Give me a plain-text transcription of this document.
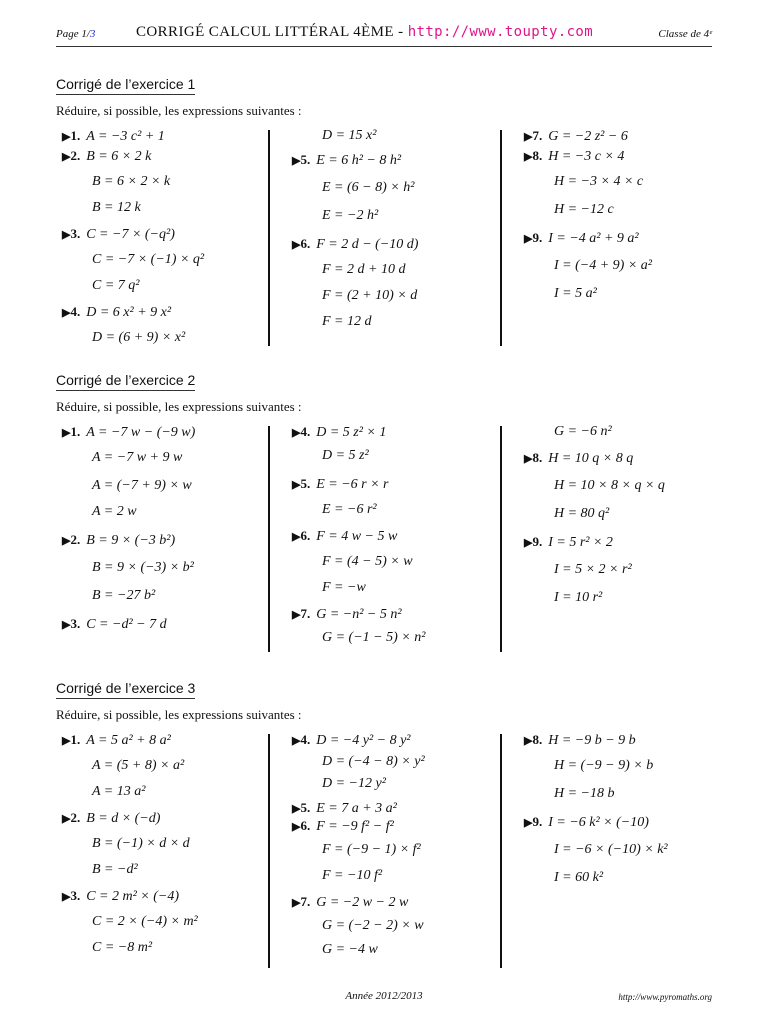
Page 1/3	CORRIGÉ CALCUL LITTÉRAL 4ÈME - http://www.toupty.com	Classe de 4ᵉ
Corrigé de l’exercice 1
Réduire, si possible, les expressions suivantes :
▶1. A = −3 c² + 1
▶2. B = 6 × 2 k
B = 6 × 2 × k
B = 12 k
▶3. C = −7 × (−q²)
C = −7 × (−1) × q²
C = 7 q²
▶4. D = 6 x² + 9 x²
D = (6 + 9) × x²
D = 15 x²
▶5. E = 6 h² − 8 h²
E = (6 − 8) × h²
E = −2 h²
▶6. F = 2 d − (−10 d)
F = 2 d + 10 d
F = (2 + 10) × d
F = 12 d
▶7. G = −2 z² − 6
▶8. H = −3 c × 4
H = −3 × 4 × c
H = −12 c
▶9. I = −4 a² + 9 a²
I = (−4 + 9) × a²
I = 5 a²
Corrigé de l’exercice 2
Réduire, si possible, les expressions suivantes :
▶1. A = −7 w − (−9 w)
A = −7 w + 9 w
A = (−7 + 9) × w
A = 2 w
▶2. B = 9 × (−3 b²)
B = 9 × (−3) × b²
B = −27 b²
▶3. C = −d² − 7 d
▶4. D = 5 z² × 1
D = 5 z²
▶5. E = −6 r × r
E = −6 r²
▶6. F = 4 w − 5 w
F = (4 − 5) × w
F = −w
▶7. G = −n² − 5 n²
G = (−1 − 5) × n²
G = −6 n²
▶8. H = 10 q × 8 q
H = 10 × 8 × q × q
H = 80 q²
▶9. I = 5 r² × 2
I = 5 × 2 × r²
I = 10 r²
Corrigé de l’exercice 3
Réduire, si possible, les expressions suivantes :
▶1. A = 5 a² + 8 a²
A = (5 + 8) × a²
A = 13 a²
▶2. B = d × (−d)
B = (−1) × d × d
B = −d²
▶3. C = 2 m² × (−4)
C = 2 × (−4) × m²
C = −8 m²
▶4. D = −4 y² − 8 y²
D = (−4 − 8) × y²
D = −12 y²
▶5. E = 7 a + 3 a²
▶6. F = −9 f² − f²
F = (−9 − 1) × f²
F = −10 f²
▶7. G = −2 w − 2 w
G = (−2 − 2) × w
G = −4 w
▶8. H = −9 b − 9 b
H = (−9 − 9) × b
H = −18 b
▶9. I = −6 k² × (−10)
I = −6 × (−10) × k²
I = 60 k²
Année 2012/2013	http://www.pyromaths.org
